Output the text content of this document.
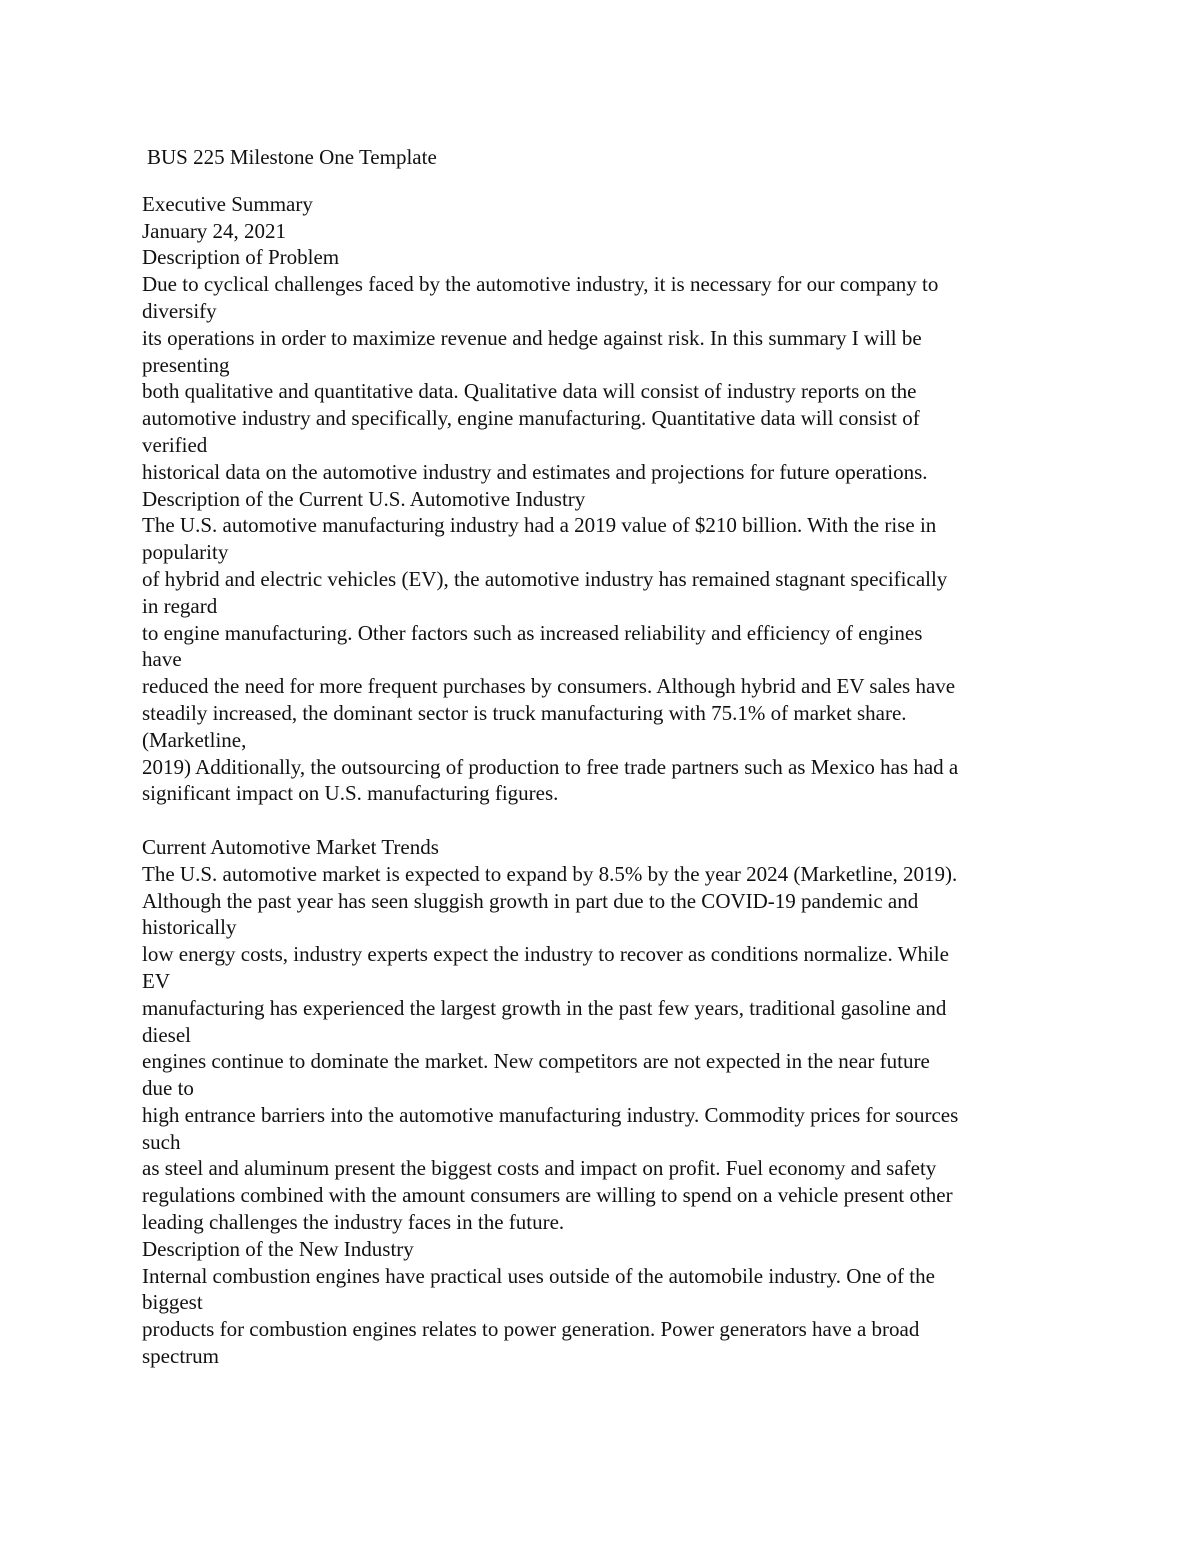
BUS 225 Milestone One Template
Executive Summary
January 24, 2021
Description of Problem
Due to cyclical challenges faced by the automotive industry, it is necessary for our company to
diversify
its operations in order to maximize revenue and hedge against risk. In this summary I will be
presenting
both qualitative and quantitative data. Qualitative data will consist of industry reports on the
automotive industry and specifically, engine manufacturing. Quantitative data will consist of
verified
historical data on the automotive industry and estimates and projections for future operations.
Description of the Current U.S. Automotive Industry
The U.S. automotive manufacturing industry had a 2019 value of $210 billion. With the rise in
popularity
of hybrid and electric vehicles (EV), the automotive industry has remained stagnant specifically
in regard
to engine manufacturing. Other factors such as increased reliability and efficiency of engines
have
reduced the need for more frequent purchases by consumers. Although hybrid and EV sales have
steadily increased, the dominant sector is truck manufacturing with 75.1% of market share.
(Marketline,
2019) Additionally, the outsourcing of production to free trade partners such as Mexico has had a
significant impact on U.S. manufacturing figures.
Current Automotive Market Trends
The U.S. automotive market is expected to expand by 8.5% by the year 2024 (Marketline, 2019).
Although the past year has seen sluggish growth in part due to the COVID-19 pandemic and
historically
low energy costs, industry experts expect the industry to recover as conditions normalize. While
EV
manufacturing has experienced the largest growth in the past few years, traditional gasoline and
diesel
engines continue to dominate the market. New competitors are not expected in the near future
due to
high entrance barriers into the automotive manufacturing industry. Commodity prices for sources
such
as steel and aluminum present the biggest costs and impact on profit. Fuel economy and safety
regulations combined with the amount consumers are willing to spend on a vehicle present other
leading challenges the industry faces in the future.
Description of the New Industry
Internal combustion engines have practical uses outside of the automobile industry. One of the
biggest
products for combustion engines relates to power generation. Power generators have a broad
spectrum
